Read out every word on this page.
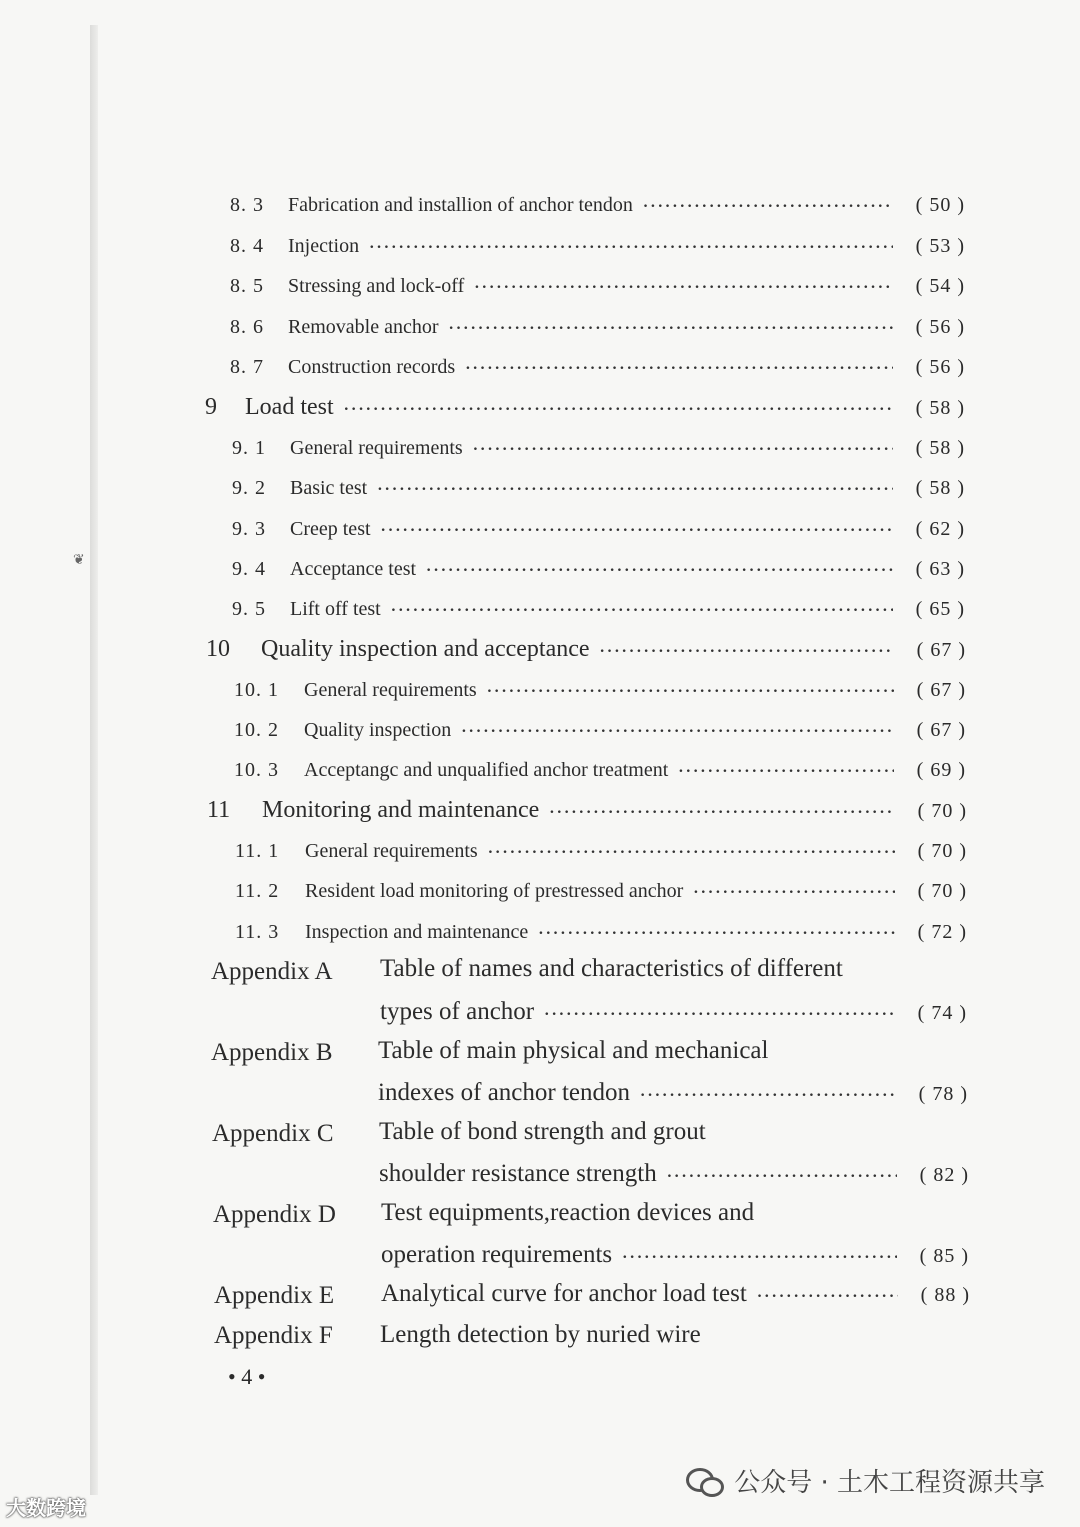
❦
8. 3	Fabrication and installion of anchor tendon ·····	( 50 )
8. 4	Injection ·····	( 53 )
8. 5	Stressing and lock-off ·····	( 54 )
8. 6	Removable anchor ·····	( 56 )
8. 7	Construction records ·····	( 56 )
9	Load test ·····	( 58 )
9. 1	General requirements ·····	( 58 )
9. 2	Basic test ·····	( 58 )
9. 3	Creep test ·····	( 62 )
9. 4	Acceptance test ·····	( 63 )
9. 5	Lift off test ·····	( 65 )
10	Quality inspection and acceptance ·····	( 67 )
10. 1	General requirements ·····	( 67 )
10. 2	Quality inspection ·····	( 67 )
10. 3	Acceptangc and unqualified anchor treatment ·····	( 69 )
11	Monitoring and maintenance ·····	( 70 )
11. 1	General requirements ·····	( 70 )
11. 2	Resident load monitoring of prestressed anchor ·····	( 70 )
11. 3	Inspection and maintenance ·····	( 72 )
Appendix A Table of names and characteristics of different
types of anchor ·····	( 74 )
Appendix B Table of main physical and mechanical
indexes of anchor tendon ·····	( 78 )
Appendix C Table of bond strength and grout
shoulder resistance strength ·····	( 82 )
Appendix D Test equipments,reaction devices and
operation requirements ·····	( 85 )
Appendix E Analytical curve for anchor load test ·····	( 88 )
Appendix F Length detection by nuried wire
• 4 •
公众号 · 土木工程资源共享
大数跨境
